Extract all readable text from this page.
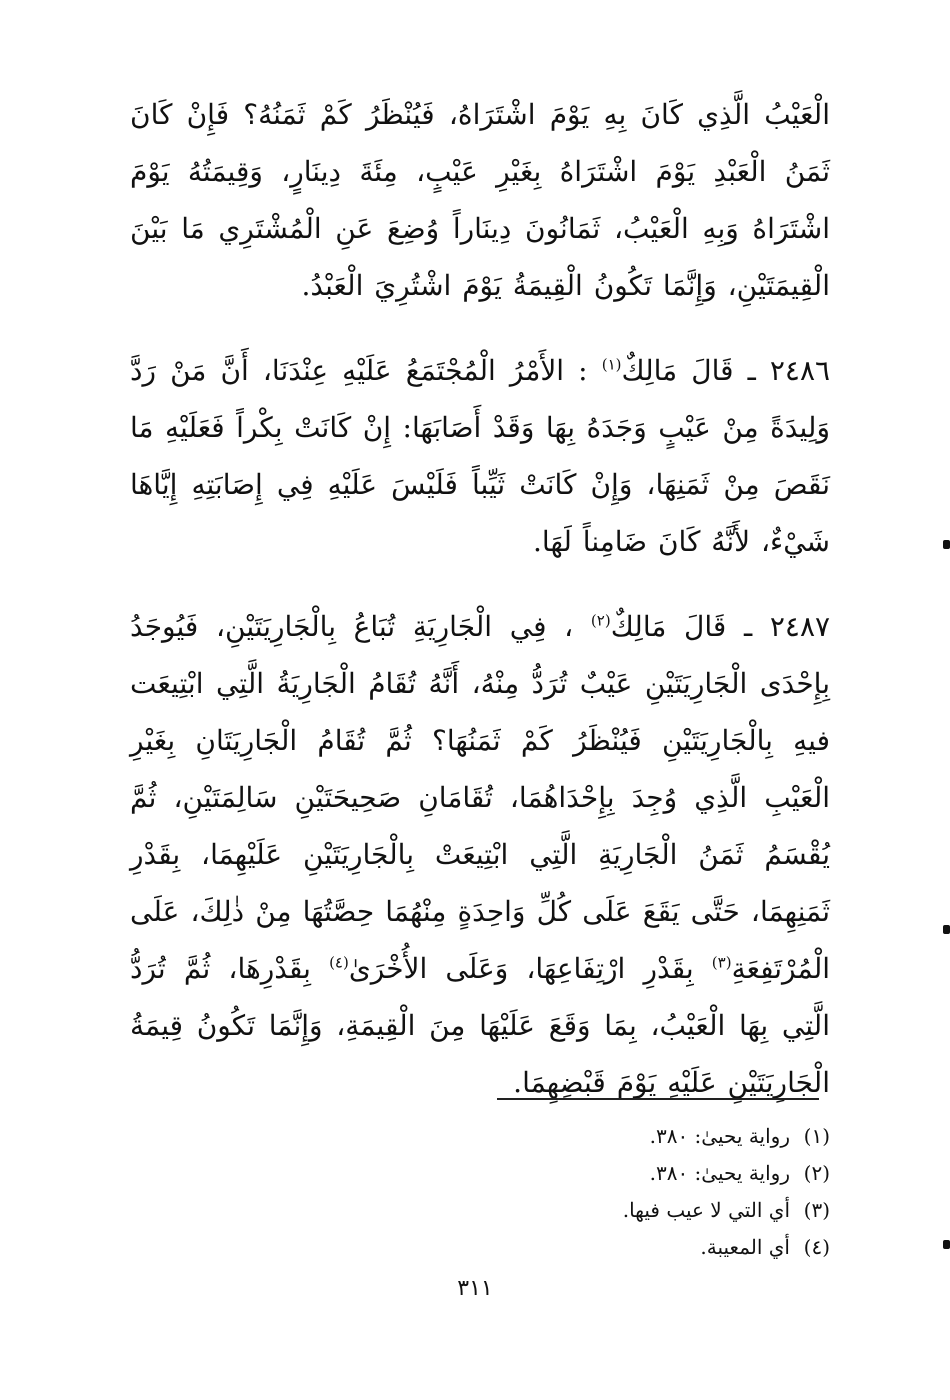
الْعَيْبُ الَّذِي كَانَ بِهِ يَوْمَ اشْتَرَاهُ، فَيُنْظَرُ كَمْ ثَمَنُهُ؟ فَإِنْ كَانَ ثَمَنُ الْعَبْدِ يَوْمَ اشْتَرَاهُ بِغَيْرِ عَيْبٍ، مِئَةَ دِينَارٍ، وَقِيمَتُهُ يَوْمَ اشْتَرَاهُ وَبِهِ الْعَيْبُ، ثَمَانُونَ دِينَاراً وُضِعَ عَنِ الْمُشْتَرِي مَا بَيْنَ الْقِيمَتَيْنِ، وَإِنَّمَا تَكُونُ الْقِيمَةُ يَوْمَ اشْتُرِيَ الْعَبْدُ.

٢٤٨٦ ـ قَالَ مَالِكٌ$^{(١)}$ : الأَمْرُ الْمُجْتَمَعُ عَلَيْهِ عِنْدَنَا، أَنَّ مَنْ رَدَّ وَلِيدَةً مِنْ عَيْبٍ وَجَدَهُ بِهَا وَقَدْ أَصَابَهَا: إِنْ كَانَتْ بِكْراً فَعَلَيْهِ مَا نَقَصَ مِنْ ثَمَنِهَا، وَإِنْ كَانَتْ ثَيِّباً فَلَيْسَ عَلَيْهِ فِي إِصَابَتِهِ إِيَّاهَا شَيْءٌ، لأَنَّهُ كَانَ ضَامِناً لَهَا.

٢٤٨٧ ـ قَالَ مَالِكٌ$^{(٢)}$ ، فِي الْجَارِيَةِ تُبَاعُ بِالْجَارِيَتَيْنِ، فَيُوجَدُ بِإِحْدَى الْجَارِيَتَيْنِ عَيْبٌ تُرَدُّ مِنْهُ، أَنَّهُ تُقَامُ الْجَارِيَةُ الَّتِي ابْتِيعَت فيهِ بِالْجَارِيَتَيْنِ فَيُنْظَرُ كَمْ ثَمَنُهَا؟ ثُمَّ تُقَامُ الْجَارِيَتَانِ بِغَيْرِ الْعَيْبِ الَّذِي وُجِدَ بِإِحْدَاهُمَا، تُقَامَانِ صَحِيحَتَيْنِ سَالِمَتَيْنِ، ثُمَّ يُقْسَمُ ثَمَنُ الْجَارِيَةِ الَّتِي ابْتِيعَتْ بِالْجَارِيَتَيْنِ عَلَيْهِمَا، بِقَدْرِ ثَمَنِهِمَا، حَتَّى يَقَعَ عَلَى كُلِّ وَاحِدَةٍ مِنْهُمَا حِصَّتُهَا مِنْ ذٰلِكَ، عَلَى الْمُرْتَفِعَةِ$^{(٣)}$ بِقَدْرِ ارْتِفَاعِهَا، وَعَلَى الأُخْرَىٰ$^{(٤)}$ بِقَدْرِهَا، ثُمَّ تُرَدُّ الَّتِي بِهَا الْعَيْبُ، بِمَا وَقَعَ عَلَيْهَا مِنَ الْقِيمَةِ، وَإِنَّمَا تَكُونُ قِيمَةُ الْجَارِيَتَيْنِ عَلَيْهِ يَوْمَ قَبْضِهِمَا.

(١)رواية يحيىٰ: ٣٨٠.
(٢)رواية يحيىٰ: ٣٨٠.
(٣)أي التي لا عيب فيها.
(٤)أي المعيبة.
٣١١
